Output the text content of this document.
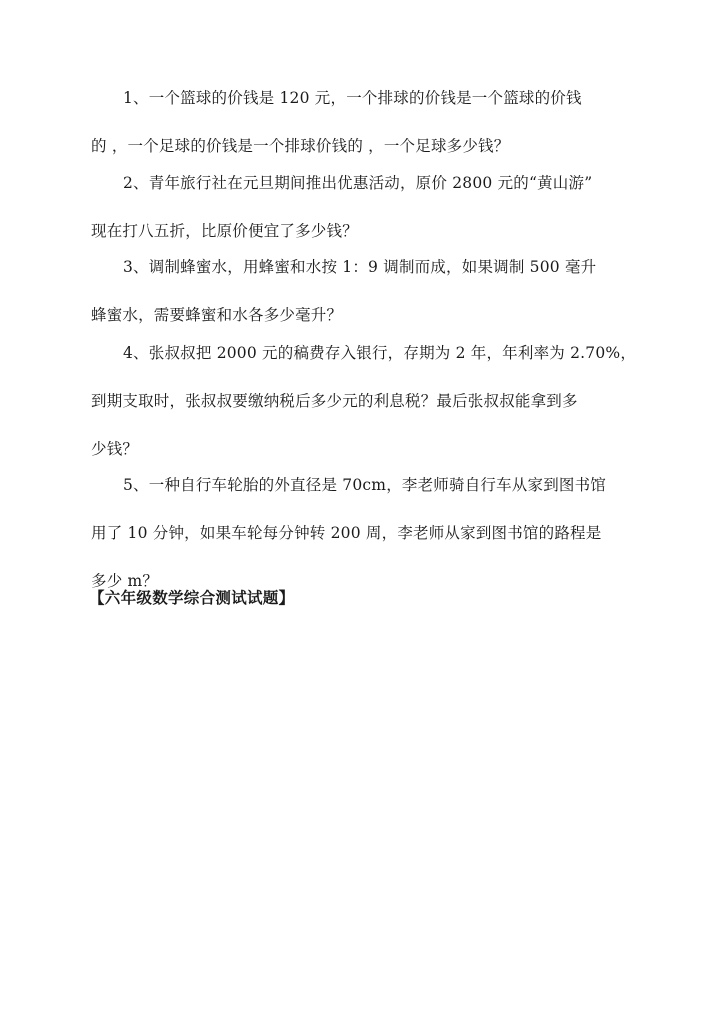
1、一个篮球的价钱是 120 元，一个排球的价钱是一个篮球的价钱
的 ，一个足球的价钱是一个排球价钱的 ，一个足球多少钱？
2、青年旅行社在元旦期间推出优惠活动，原价 2800 元的“黄山游”
现在打八五折，比原价便宜了多少钱？
3、调制蜂蜜水，用蜂蜜和水按 1：9 调制而成，如果调制 500 毫升
蜂蜜水，需要蜂蜜和水各多少毫升？
4、张叔叔把 2000 元的稿费存入银行，存期为 2 年，年利率为 2.70%，
到期支取时，张叔叔要缴纳税后多少元的利息税？最后张叔叔能拿到多
少钱？
5、一种自行车轮胎的外直径是 70cm，李老师骑自行车从家到图书馆
用了 10 分钟，如果车轮每分钟转 200 周，李老师从家到图书馆的路程是
多少 m？
【六年级数学综合测试试题】
